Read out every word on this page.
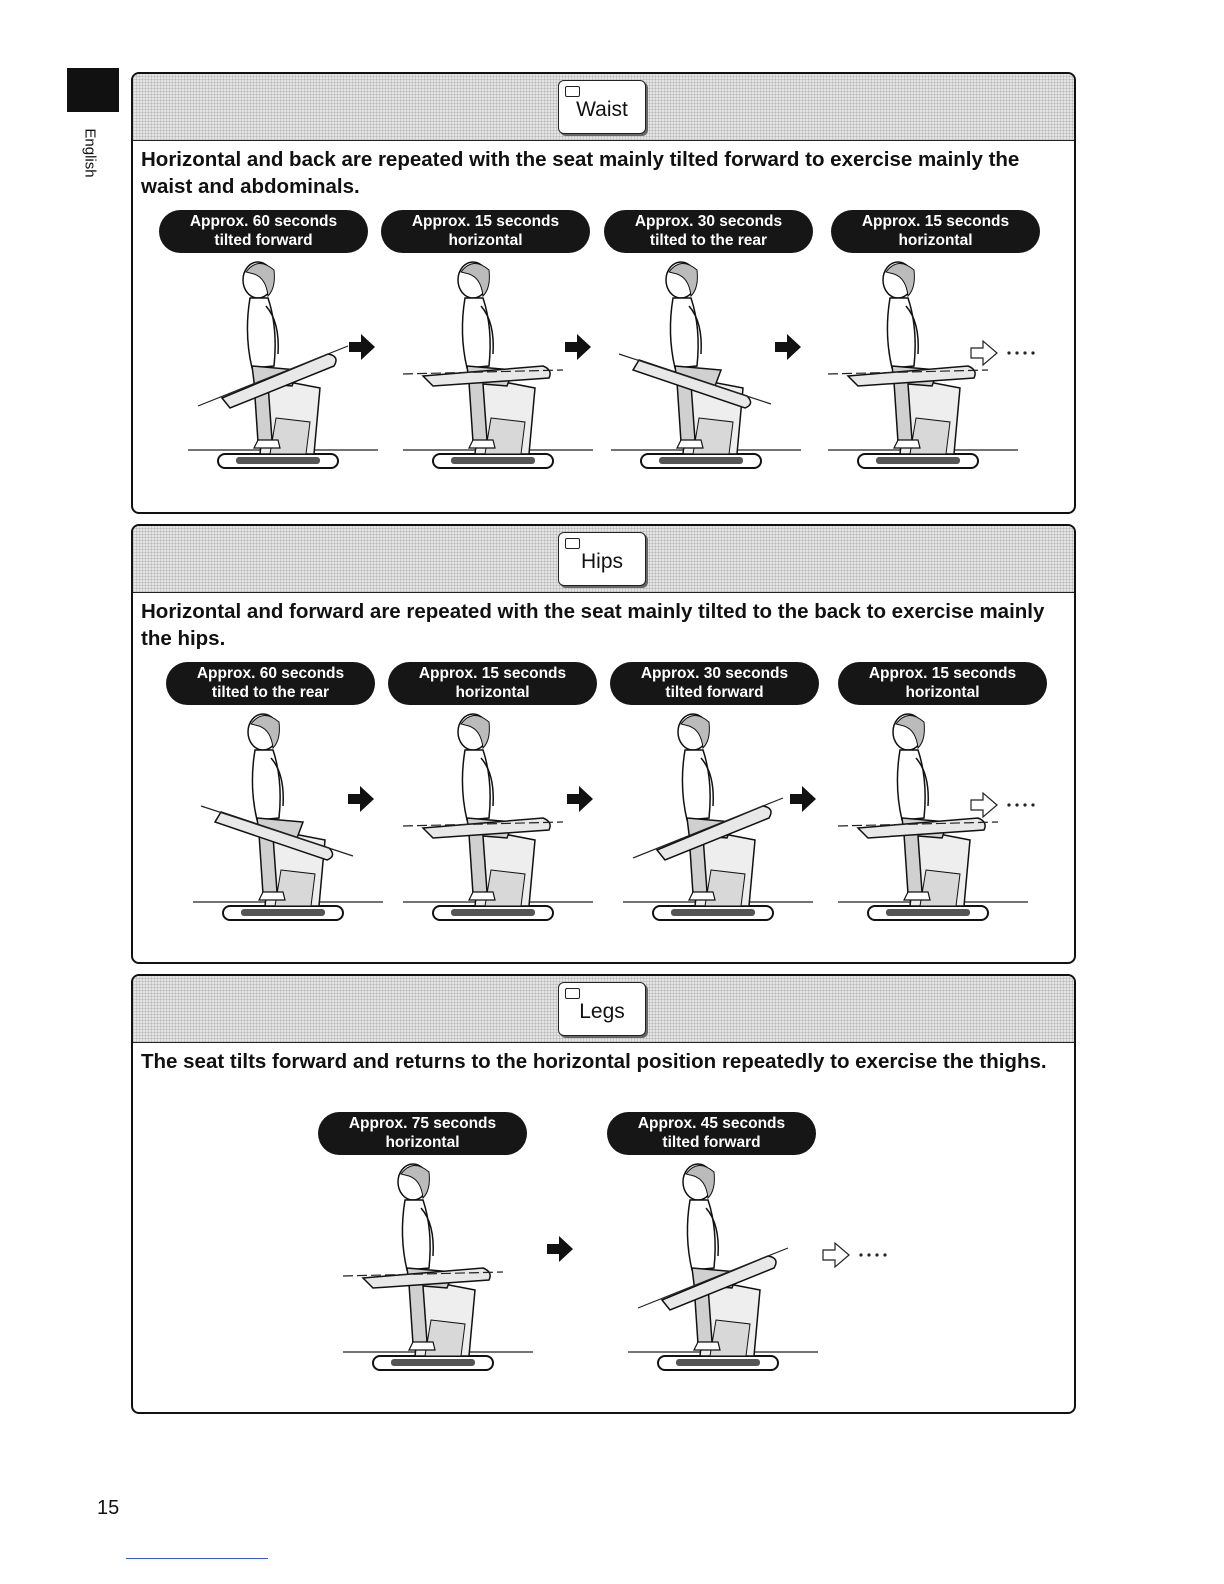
English
Waist
Horizontal and back are repeated with the seat mainly tilted forward to exercise mainly the waist and abdominals.
Approx. 60 seconds
tilted forward
Approx. 15 seconds
horizontal
Approx. 30 seconds
tilted to the rear
Approx. 15 seconds
horizontal
Hips
Horizontal and forward are repeated with the seat mainly tilted to the back to exercise mainly the hips.
Approx. 60 seconds
tilted to the rear
Approx. 15 seconds
horizontal
Approx. 30 seconds
tilted forward
Approx. 15 seconds
horizontal
Legs
The seat tilts forward and returns to the horizontal position repeatedly to exercise the thighs.
Approx. 75 seconds
horizontal
Approx. 45 seconds
tilted forward
15
